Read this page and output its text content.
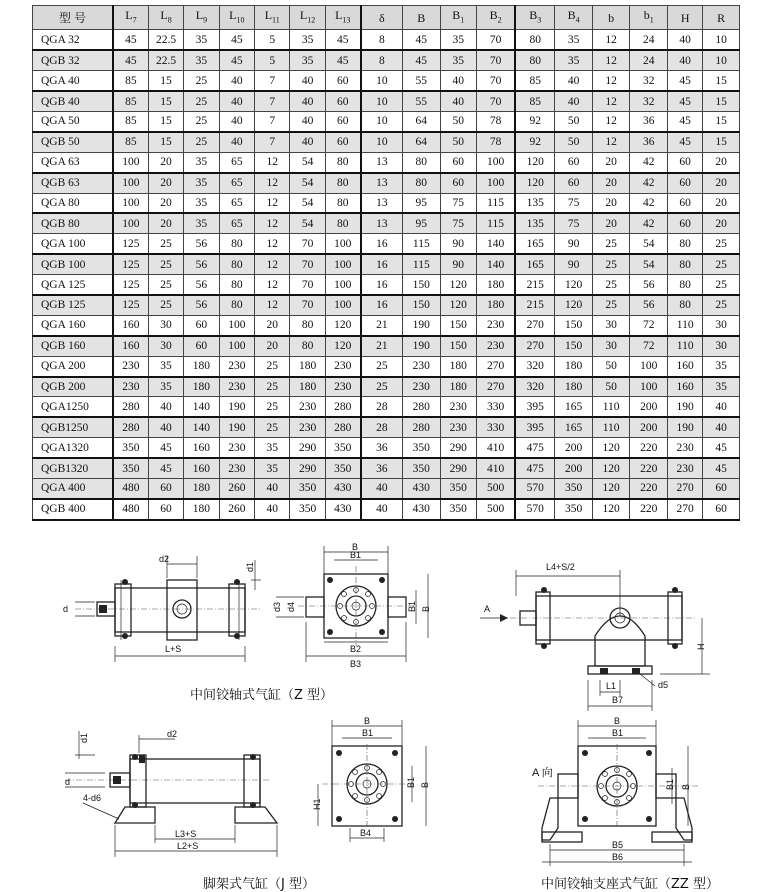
型 号	$L_7$	$L_8$	$L_9$	$L_{10}$	$L_{11}$	$L_{12}$	$L_{13}$	δ	B	$B_1$	$B_2$	$B_3$	$B_4$	b	$b_1$	H	R
QGA 32	45	22.5	35	45	5	35	45	8	45	35	70	80	35	12	24	40	10
QGB 32	45	22.5	35	45	5	35	45	8	45	35	70	80	35	12	24	40	10
QGA 40	85	15	25	40	7	40	60	10	55	40	70	85	40	12	32	45	15
QGB 40	85	15	25	40	7	40	60	10	55	40	70	85	40	12	32	45	15
QGA 50	85	15	25	40	7	40	60	10	64	50	78	92	50	12	36	45	15
QGB 50	85	15	25	40	7	40	60	10	64	50	78	92	50	12	36	45	15
QGA 63	100	20	35	65	12	54	80	13	80	60	100	120	60	20	42	60	20
QGB 63	100	20	35	65	12	54	80	13	80	60	100	120	60	20	42	60	20
QGA 80	100	20	35	65	12	54	80	13	95	75	115	135	75	20	42	60	20
QGB 80	100	20	35	65	12	54	80	13	95	75	115	135	75	20	42	60	20
QGA 100	125	25	56	80	12	70	100	16	115	90	140	165	90	25	54	80	25
QGB 100	125	25	56	80	12	70	100	16	115	90	140	165	90	25	54	80	25
QGA 125	125	25	56	80	12	70	100	16	150	120	180	215	120	25	56	80	25
QGB 125	125	25	56	80	12	70	100	16	150	120	180	215	120	25	56	80	25
QGA 160	160	30	60	100	20	80	120	21	190	150	230	270	150	30	72	110	30
QGB 160	160	30	60	100	20	80	120	21	190	150	230	270	150	30	72	110	30
QGA 200	230	35	180	230	25	180	230	25	230	180	270	320	180	50	100	160	35
QGB 200	230	35	180	230	25	180	230	25	230	180	270	320	180	50	100	160	35
QGA1250	280	40	140	190	25	230	280	28	280	230	330	395	165	110	200	190	40
QGB1250	280	40	140	190	25	230	280	28	280	230	330	395	165	110	200	190	40
QGA1320	350	45	160	230	35	290	350	36	350	290	410	475	200	120	220	230	45
QGB1320	350	45	160	230	35	290	350	36	350	290	410	475	200	120	220	230	45
QGA 400	480	60	180	260	40	350	430	40	430	350	500	570	350	120	220	270	60
QGB 400	480	60	180	260	40	350	430	40	430	350	500	570	350	120	220	270	60
d2
d1
d
L+S
B
B1
d3 d4	B1 B
B2
B3
中间铰轴式气缸（Z 型）
L4+S/2
A
H
d5
L1
B7
d2
d1
d
4-d6
L3+S
L2+S
B
B1
B1 B
H1
B4
脚架式气缸（J 型）
B
B1
A 向
B1 B
B5
B6
中间铰轴支座式气缸（ZZ 型）
